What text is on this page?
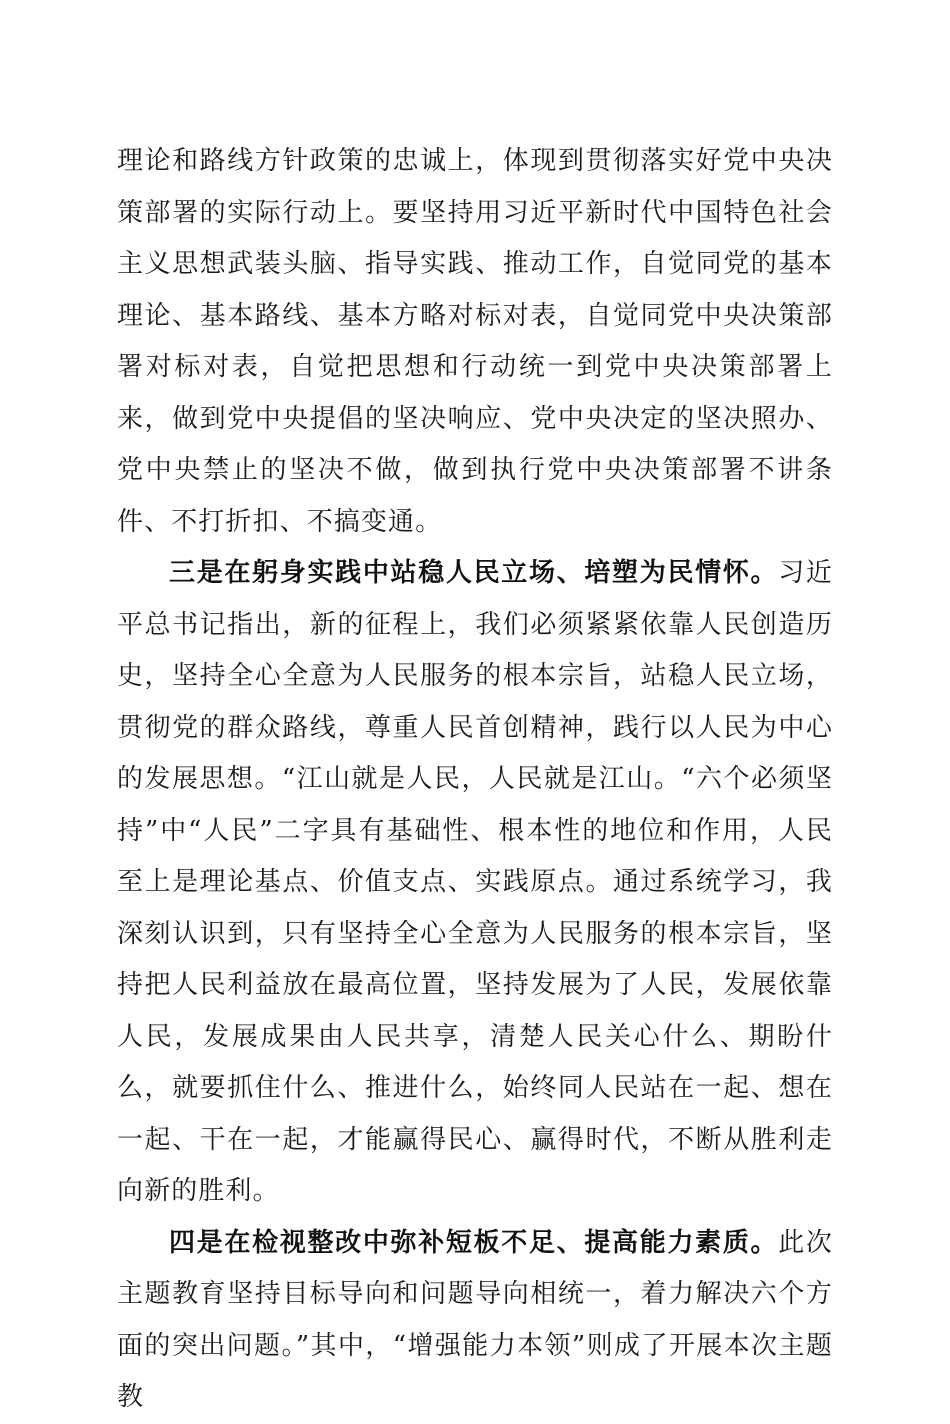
理论和路线方针政策的忠诚上，体现到贯彻落实好党中央决策部署的实际行动上。要坚持用习近平新时代中国特色社会主义思想武装头脑、指导实践、推动工作，自觉同党的基本理论、基本路线、基本方略对标对表，自觉同党中央决策部署对标对表，自觉把思想和行动统一到党中央决策部署上来，做到党中央提倡的坚决响应、党中央决定的坚决照办、党中央禁止的坚决不做，做到执行党中央决策部署不讲条件、不打折扣、不搞变通。

三是在躬身实践中站稳人民立场、培塑为民情怀。习近平总书记指出，新的征程上，我们必须紧紧依靠人民创造历史，坚持全心全意为人民服务的根本宗旨，站稳人民立场，贯彻党的群众路线，尊重人民首创精神，践行以人民为中心的发展思想。“江山就是人民，人民就是江山。“六个必须坚持”中“人民”二字具有基础性、根本性的地位和作用，人民至上是理论基点、价值支点、实践原点。通过系统学习，我深刻认识到，只有坚持全心全意为人民服务的根本宗旨，坚持把人民利益放在最高位置，坚持发展为了人民，发展依靠人民，发展成果由人民共享，清楚人民关心什么、期盼什么，就要抓住什么、推进什么，始终同人民站在一起、想在一起、干在一起，才能赢得民心、赢得时代，不断从胜利走向新的胜利。

四是在检视整改中弥补短板不足、提高能力素质。此次主题教育坚持目标导向和问题导向相统一，着力解决六个方面的突出问题。”其中，“增强能力本领”则成了开展本次主题教
